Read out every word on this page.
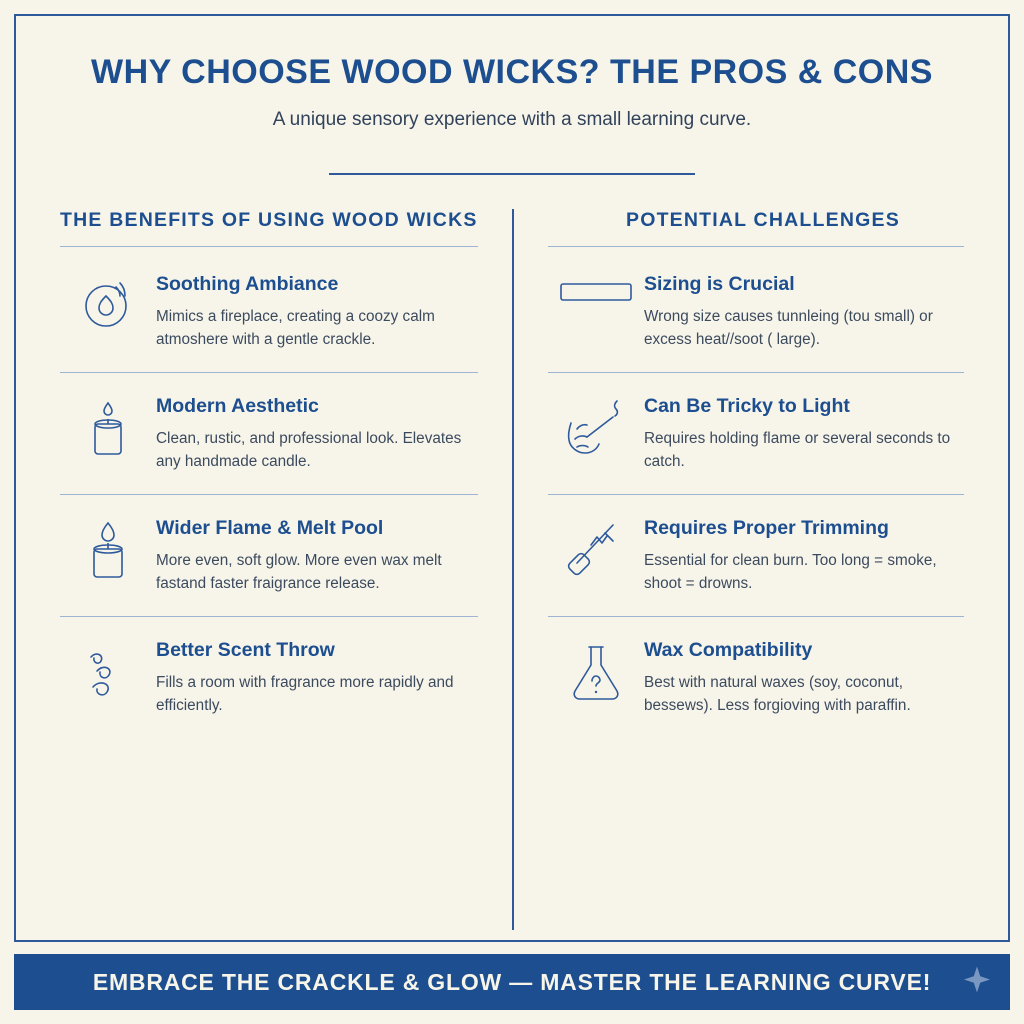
WHY CHOOSE WOOD WICKS? THE PROS & CONS

A unique sensory experience with a small learning curve.

THE BENEFITS OF USING WOOD WICKS
Soothing Ambiance

Mimics a fireplace, creating a coozy calm atmoshere with a gentle crackle.

Modern Aesthetic

Clean, rustic, and professional look. Elevates any handmade candle.

Wider Flame & Melt Pool

More even, soft glow. More even wax melt fastand faster fraigrance release.

Better Scent Throw

Fills a room with fragrance more rapidly and efficiently.

POTENTIAL CHALLENGES
Sizing is Crucial

Wrong size causes tunnleing (tou small) or excess heat//soot ( large).

Can Be Tricky to Light

Requires holding flame or several seconds to catch.

Requires Proper Trimming

Essential for clean burn. Too long = smoke, shoot = drowns.

Wax Compatibility

Best with natural waxes (soy, coconut, bessews). Less forgioving with paraffin.

EMBRACE THE CRACKLE & GLOW — MASTER THE LEARNING CURVE!
